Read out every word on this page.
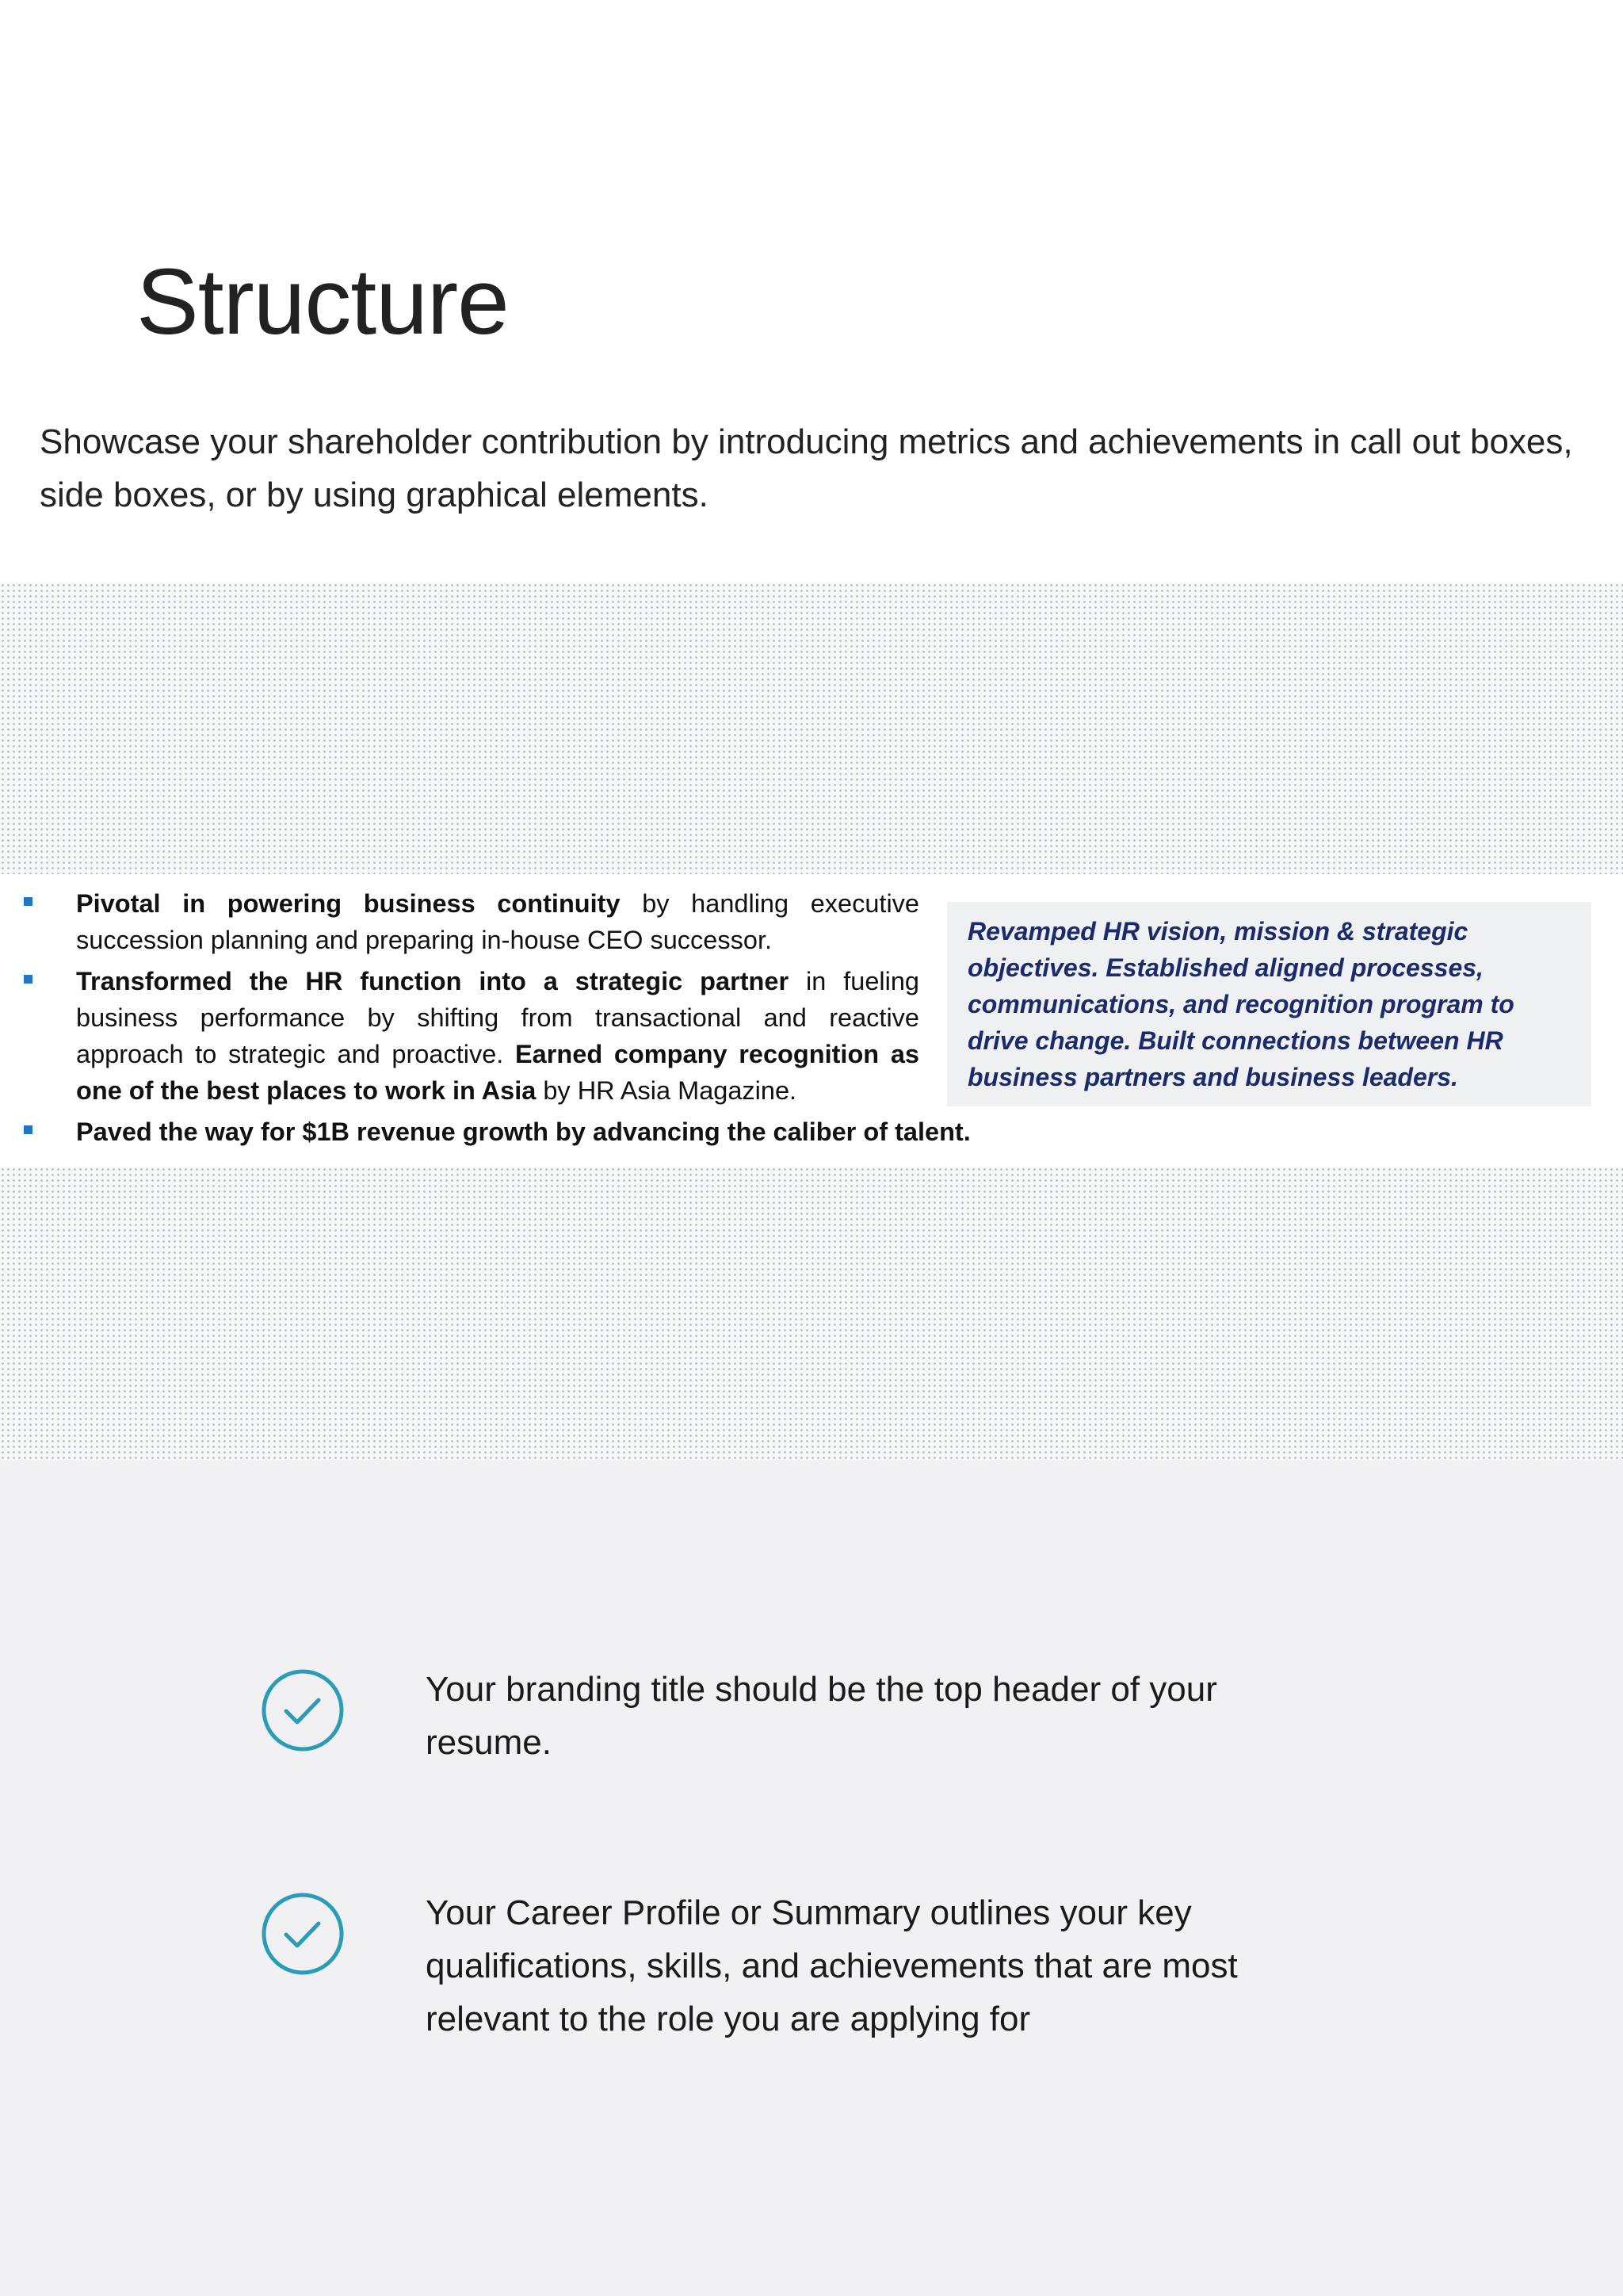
Structure

Showcase your shareholder contribution by introducing metrics and achievements in call out boxes, side boxes, or by using graphical elements.

Pivotal in powering business continuity by handling executive succession planning and preparing in-house CEO successor.
Transformed the HR function into a strategic partner in fueling business performance by shifting from transactional and reactive approach to strategic and proactive. Earned company recognition as one of the best places to work in Asia by HR Asia Magazine.
Paved the way for $1B revenue growth by advancing the caliber of talent.
Revamped HR vision, mission & strategic objectives. Established aligned processes, communications, and recognition program to drive change. Built connections between HR business partners and business leaders.

Your branding title should be the top header of your resume.

Your Career Profile or Summary outlines your key qualifications, skills, and achievements that are most relevant to the role you are applying for
